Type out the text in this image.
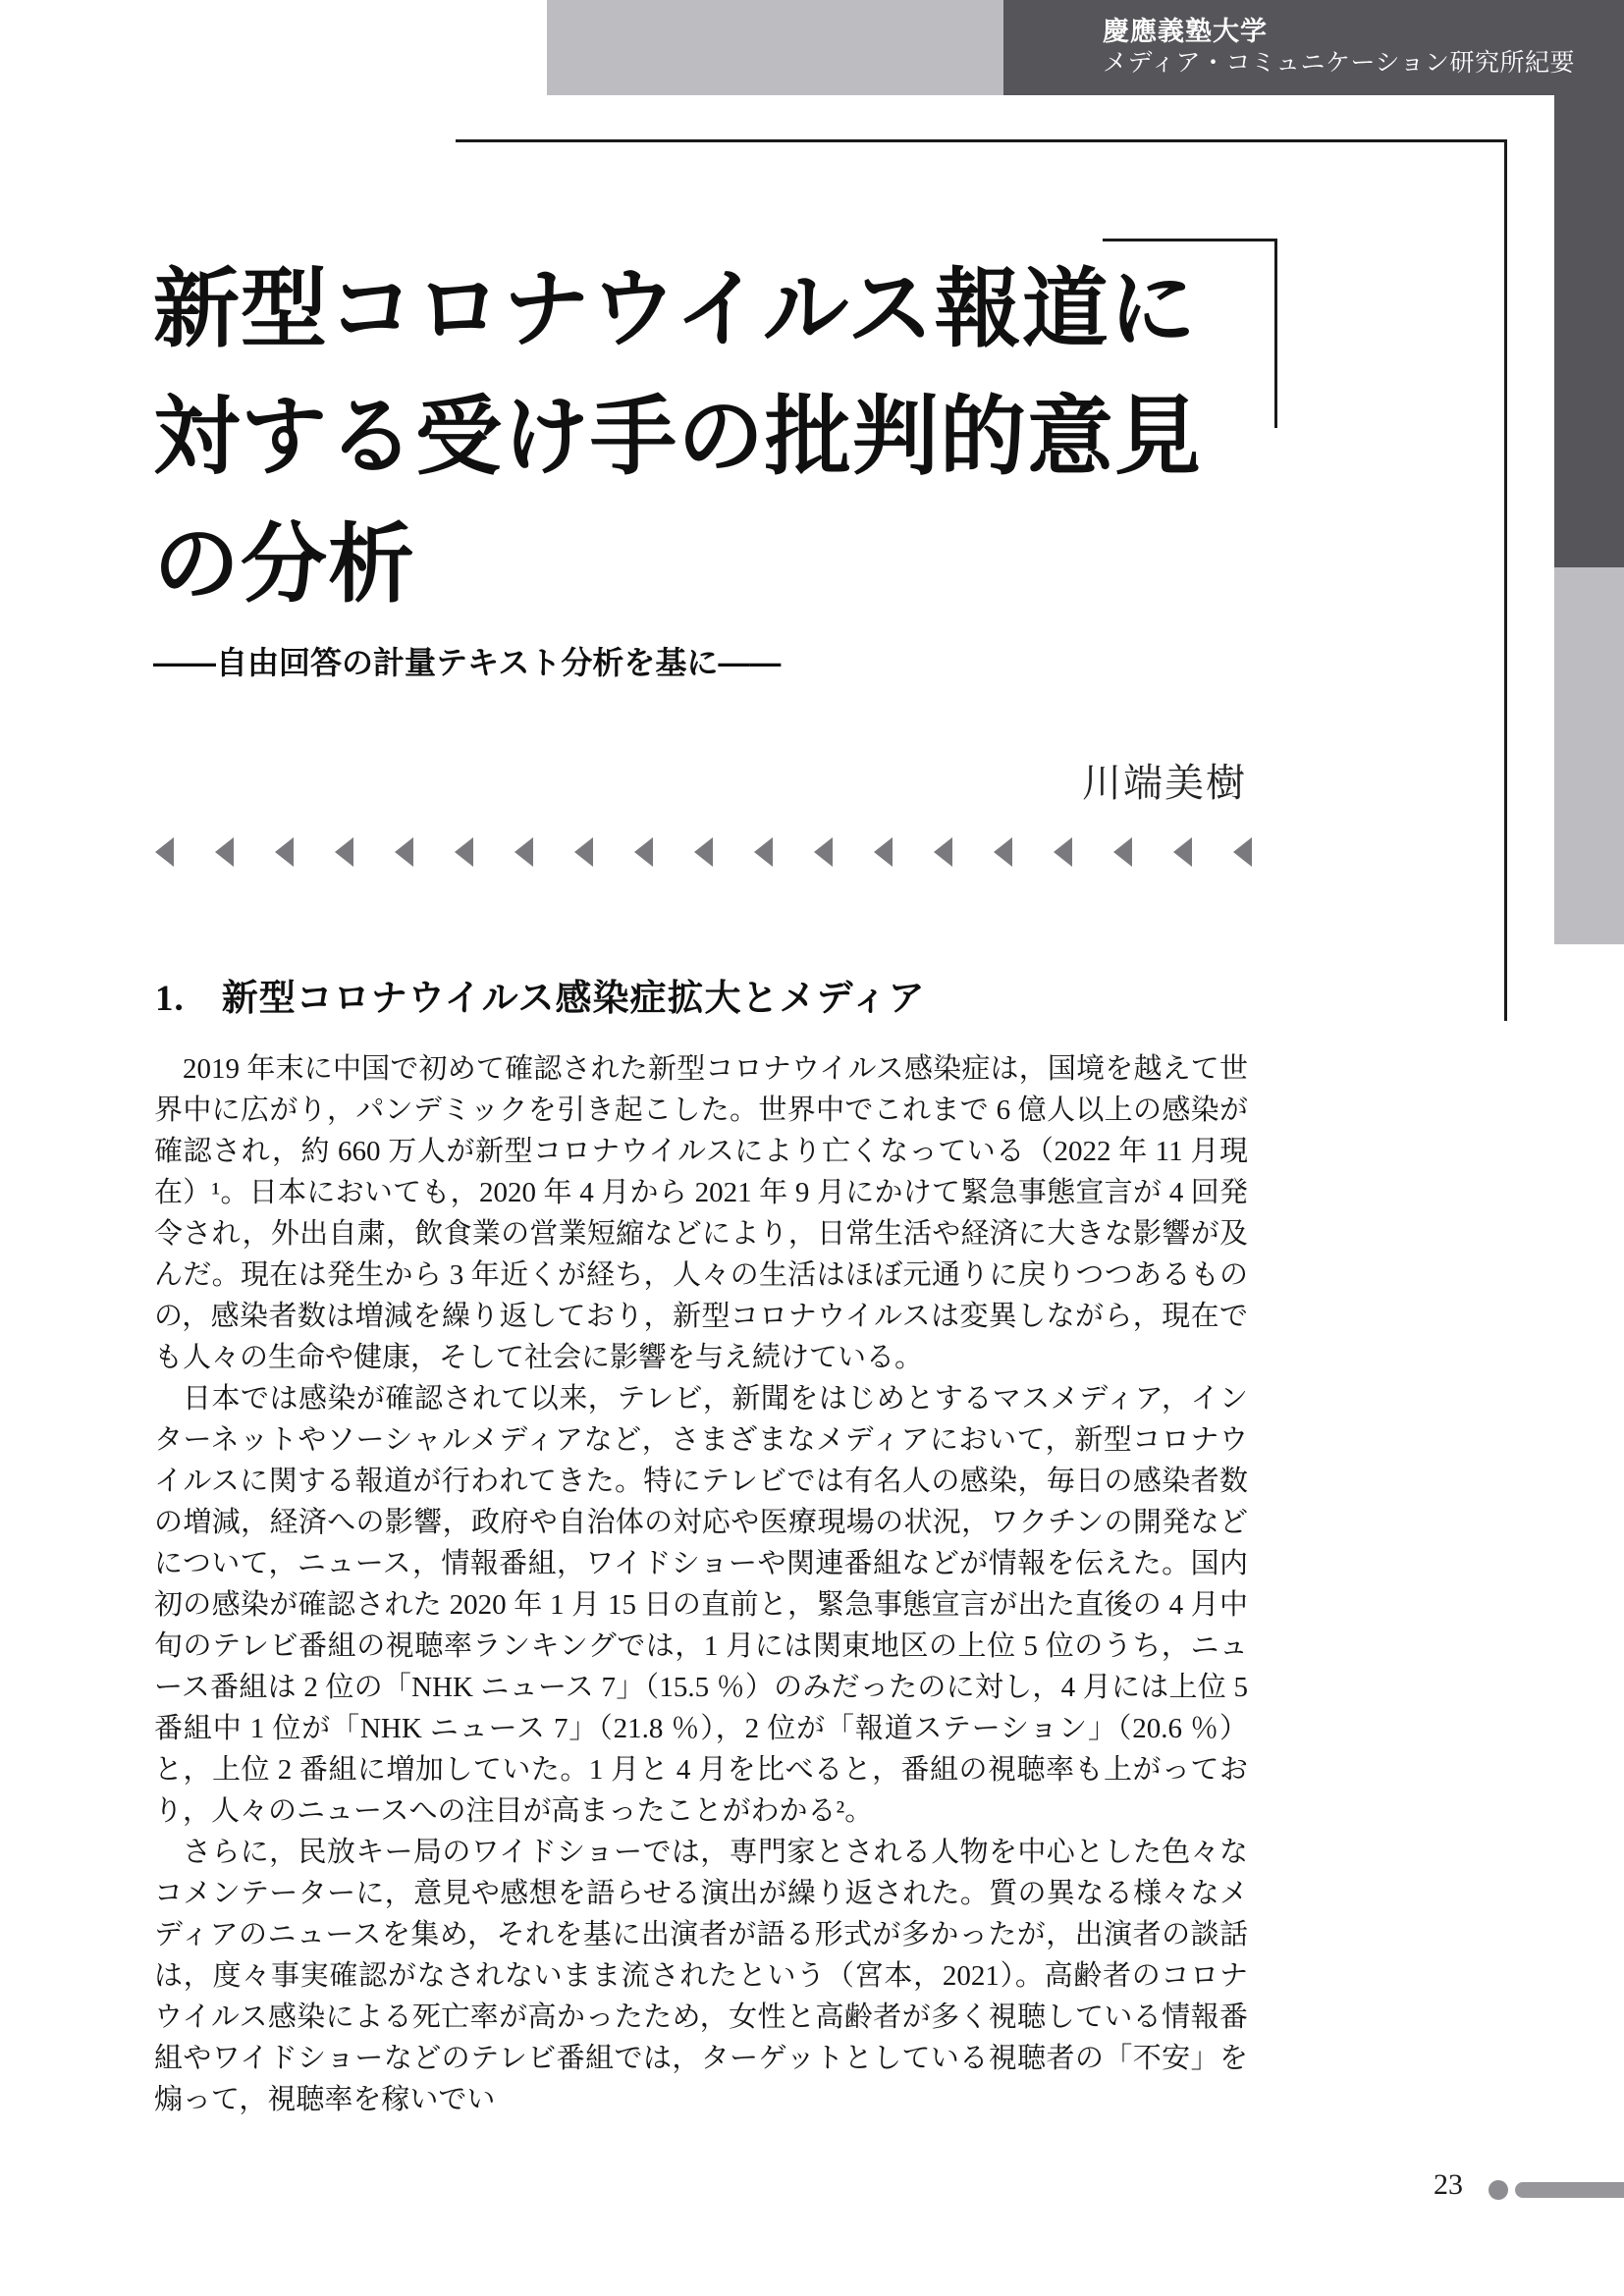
慶應義塾大学
メディア・コミュニケーション研究所紀要
新型コロナウイルス報道に
対する受け手の批判的意見
の分析
――自由回答の計量テキスト分析を基に――
川端美樹
1.　新型コロナウイルス感染症拡大とメディア

2019 年末に中国で初めて確認された新型コロナウイルス感染症は，国境を越えて世界中に広がり，パンデミックを引き起こした。世界中でこれまで 6 億人以上の感染が確認され，約 660 万人が新型コロナウイルスにより亡くなっている（2022 年 11 月現在）¹。日本においても，2020 年 4 月から 2021 年 9 月にかけて緊急事態宣言が 4 回発令され，外出自粛，飲食業の営業短縮などにより，日常生活や経済に大きな影響が及んだ。現在は発生から 3 年近くが経ち，人々の生活はほぼ元通りに戻りつつあるものの，感染者数は増減を繰り返しており，新型コロナウイルスは変異しながら，現在でも人々の生命や健康，そして社会に影響を与え続けている。

日本では感染が確認されて以来，テレビ，新聞をはじめとするマスメディア，インターネットやソーシャルメディアなど，さまざまなメディアにおいて，新型コロナウイルスに関する報道が行われてきた。特にテレビでは有名人の感染，毎日の感染者数の増減，経済への影響，政府や自治体の対応や医療現場の状況，ワクチンの開発などについて，ニュース，情報番組，ワイドショーや関連番組などが情報を伝えた。国内初の感染が確認された 2020 年 1 月 15 日の直前と，緊急事態宣言が出た直後の 4 月中旬のテレビ番組の視聴率ランキングでは，1 月には関東地区の上位 5 位のうち，ニュース番組は 2 位の「NHK ニュース 7」（15.5 ％）のみだったのに対し，4 月には上位 5 番組中 1 位が「NHK ニュース 7」（21.8 ％），2 位が「報道ステーション」（20.6 ％）と，上位 2 番組に増加していた。1 月と 4 月を比べると，番組の視聴率も上がっており，人々のニュースへの注目が高まったことがわかる²。

さらに，民放キー局のワイドショーでは，専門家とされる人物を中心とした色々なコメンテーターに，意見や感想を語らせる演出が繰り返された。質の異なる様々なメディアのニュースを集め，それを基に出演者が語る形式が多かったが，出演者の談話は，度々事実確認がなされないまま流されたという（宮本，2021）。高齢者のコロナウイルス感染による死亡率が高かったため，女性と高齢者が多く視聴している情報番組やワイドショーなどのテレビ番組では，ターゲットとしている視聴者の「不安」を煽って，視聴率を稼いでい

23
